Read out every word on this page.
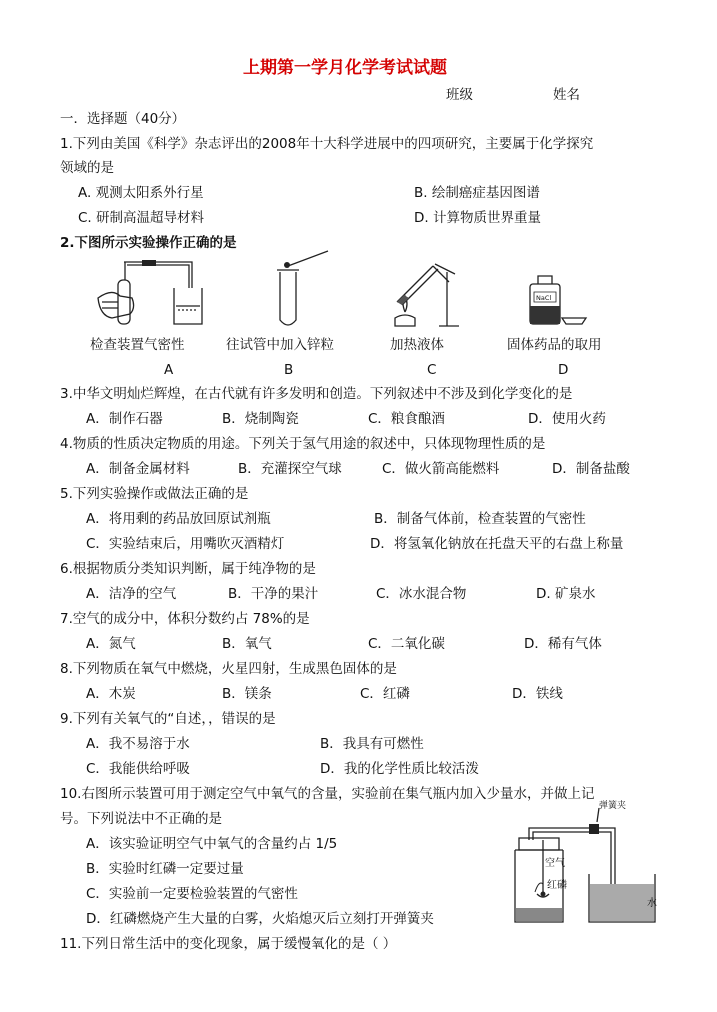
上期第一学月化学考试试题
班级	姓名
一．选择题（40分）
1.下列由美国《科学》杂志评出的2008年十大科学进展中的四项研究，主要属于化学探究
领域的是
A. 观测太阳系外行星	B. 绘制癌症基因图谱
C. 研制高温超导材料	D. 计算物质世界重量
2.下图所示实验操作正确的是
NaCl
检查装置气密性	往试管中加入锌粒	加热液体	固体药品的取用
A	B	C	D
3.中华文明灿烂辉煌，在古代就有许多发明和创造。下列叙述中不涉及到化学变化的是
A．制作石器	B．烧制陶瓷	C．粮食酿酒	D．使用火药
4.物质的性质决定物质的用途。下列关于氢气用途的叙述中，只体现物理性质的是
A．制备金属材料	B．充灌探空气球	C．做火箭高能燃料	D．制备盐酸
5.下列实验操作或做法正确的是
A．将用剩的药品放回原试剂瓶	B．制备气体前，检查装置的气密性
C．实验结束后，用嘴吹灭酒精灯	D．将氢氧化钠放在托盘天平的右盘上称量
6.根据物质分类知识判断，属于纯净物的是
A．洁净的空气	B．干净的果汁	C．冰水混合物	D. 矿泉水
7.空气的成分中，体积分数约占 78%的是
A．氮气	B．氧气	C．二氧化碳	D．稀有气体
8.下列物质在氧气中燃烧，火星四射，生成黑色固体的是
A．木炭	B．镁条	C．红磷	D．铁线
9.下列有关氧气的“自述，，错误的是
A．我不易溶于水	B．我具有可燃性
C．我能供给呼吸	D．我的化学性质比较活泼
10.右图所示装置可用于测定空气中氧气的含量，实验前在集气瓶内加入少量水，并做上记
号。下列说法中不正确的是
A．该实验证明空气中氧气的含量约占 1/5
B．实验时红磷一定要过量
C．实验前一定要检验装置的气密性
D．红磷燃烧产生大量的白雾，火焰熄灭后立刻打开弹簧夹
弹簧夹
空气
红磷
水
11.下列日常生活中的变化现象，属于缓慢氧化的是（ ）
